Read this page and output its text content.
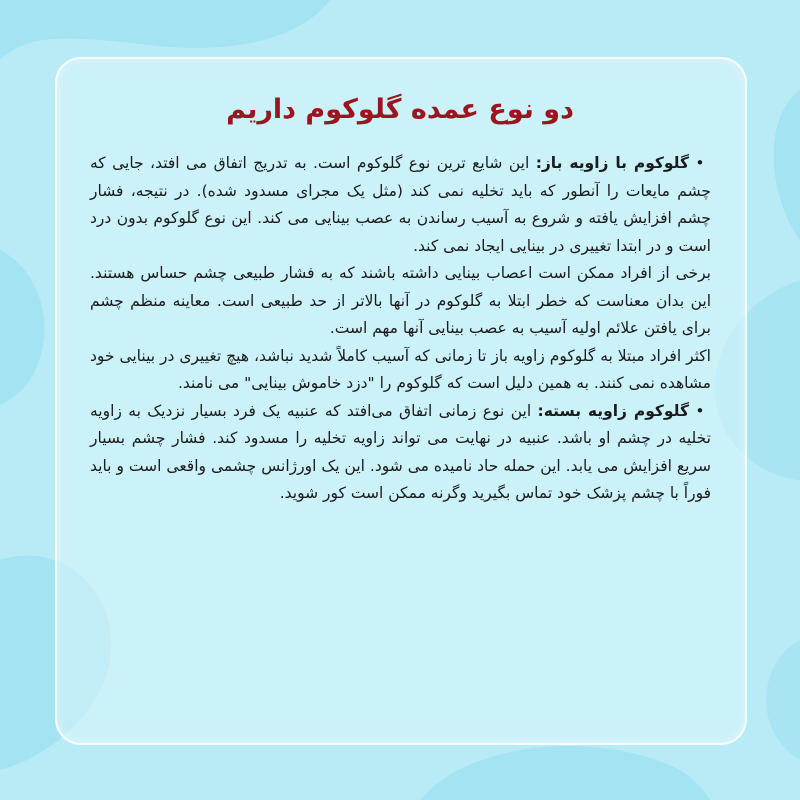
دو نوع عمده گلوکوم داریم

•گلوکوم با زاویه باز: این شایع ترین نوع گلوکوم است. به تدریج اتفاق می افتد، جایی که چشم مایعات را آنطور که باید تخلیه نمی کند (مثل یک مجرای مسدود شده). در نتیجه، فشار چشم افزایش یافته و شروع به آسیب رساندن به عصب بینایی می کند. این نوع گلوکوم بدون درد است و در ابتدا تغییری در بینایی ایجاد نمی کند.

برخی از افراد ممکن است اعصاب بینایی داشته باشند که به فشار طبیعی چشم حساس هستند. این بدان معناست که خطر ابتلا به گلوکوم در آنها بالاتر از حد طبیعی است. معاینه منظم چشم برای یافتن علائم اولیه آسیب به عصب بینایی آنها مهم است.

اکثر افراد مبتلا به گلوکوم زاویه باز تا زمانی که آسیب کاملاً شدید نباشد، هیچ تغییری در بینایی خود مشاهده نمی کنند. به همین دلیل است که گلوکوم را "دزد خاموش بینایی" می نامند.

•گلوکوم زاویه بسته: این نوع زمانی اتفاق می‌افتد که عنبیه یک فرد بسیار نزدیک به زاویه تخلیه در چشم او باشد. عنبیه در نهایت می تواند زاویه تخلیه را مسدود کند. فشار چشم بسیار سریع افزایش می یابد. این حمله حاد نامیده می شود. این یک اورژانس چشمی واقعی است و باید فوراً با چشم پزشک خود تماس بگیرید وگرنه ممکن است کور شوید.
